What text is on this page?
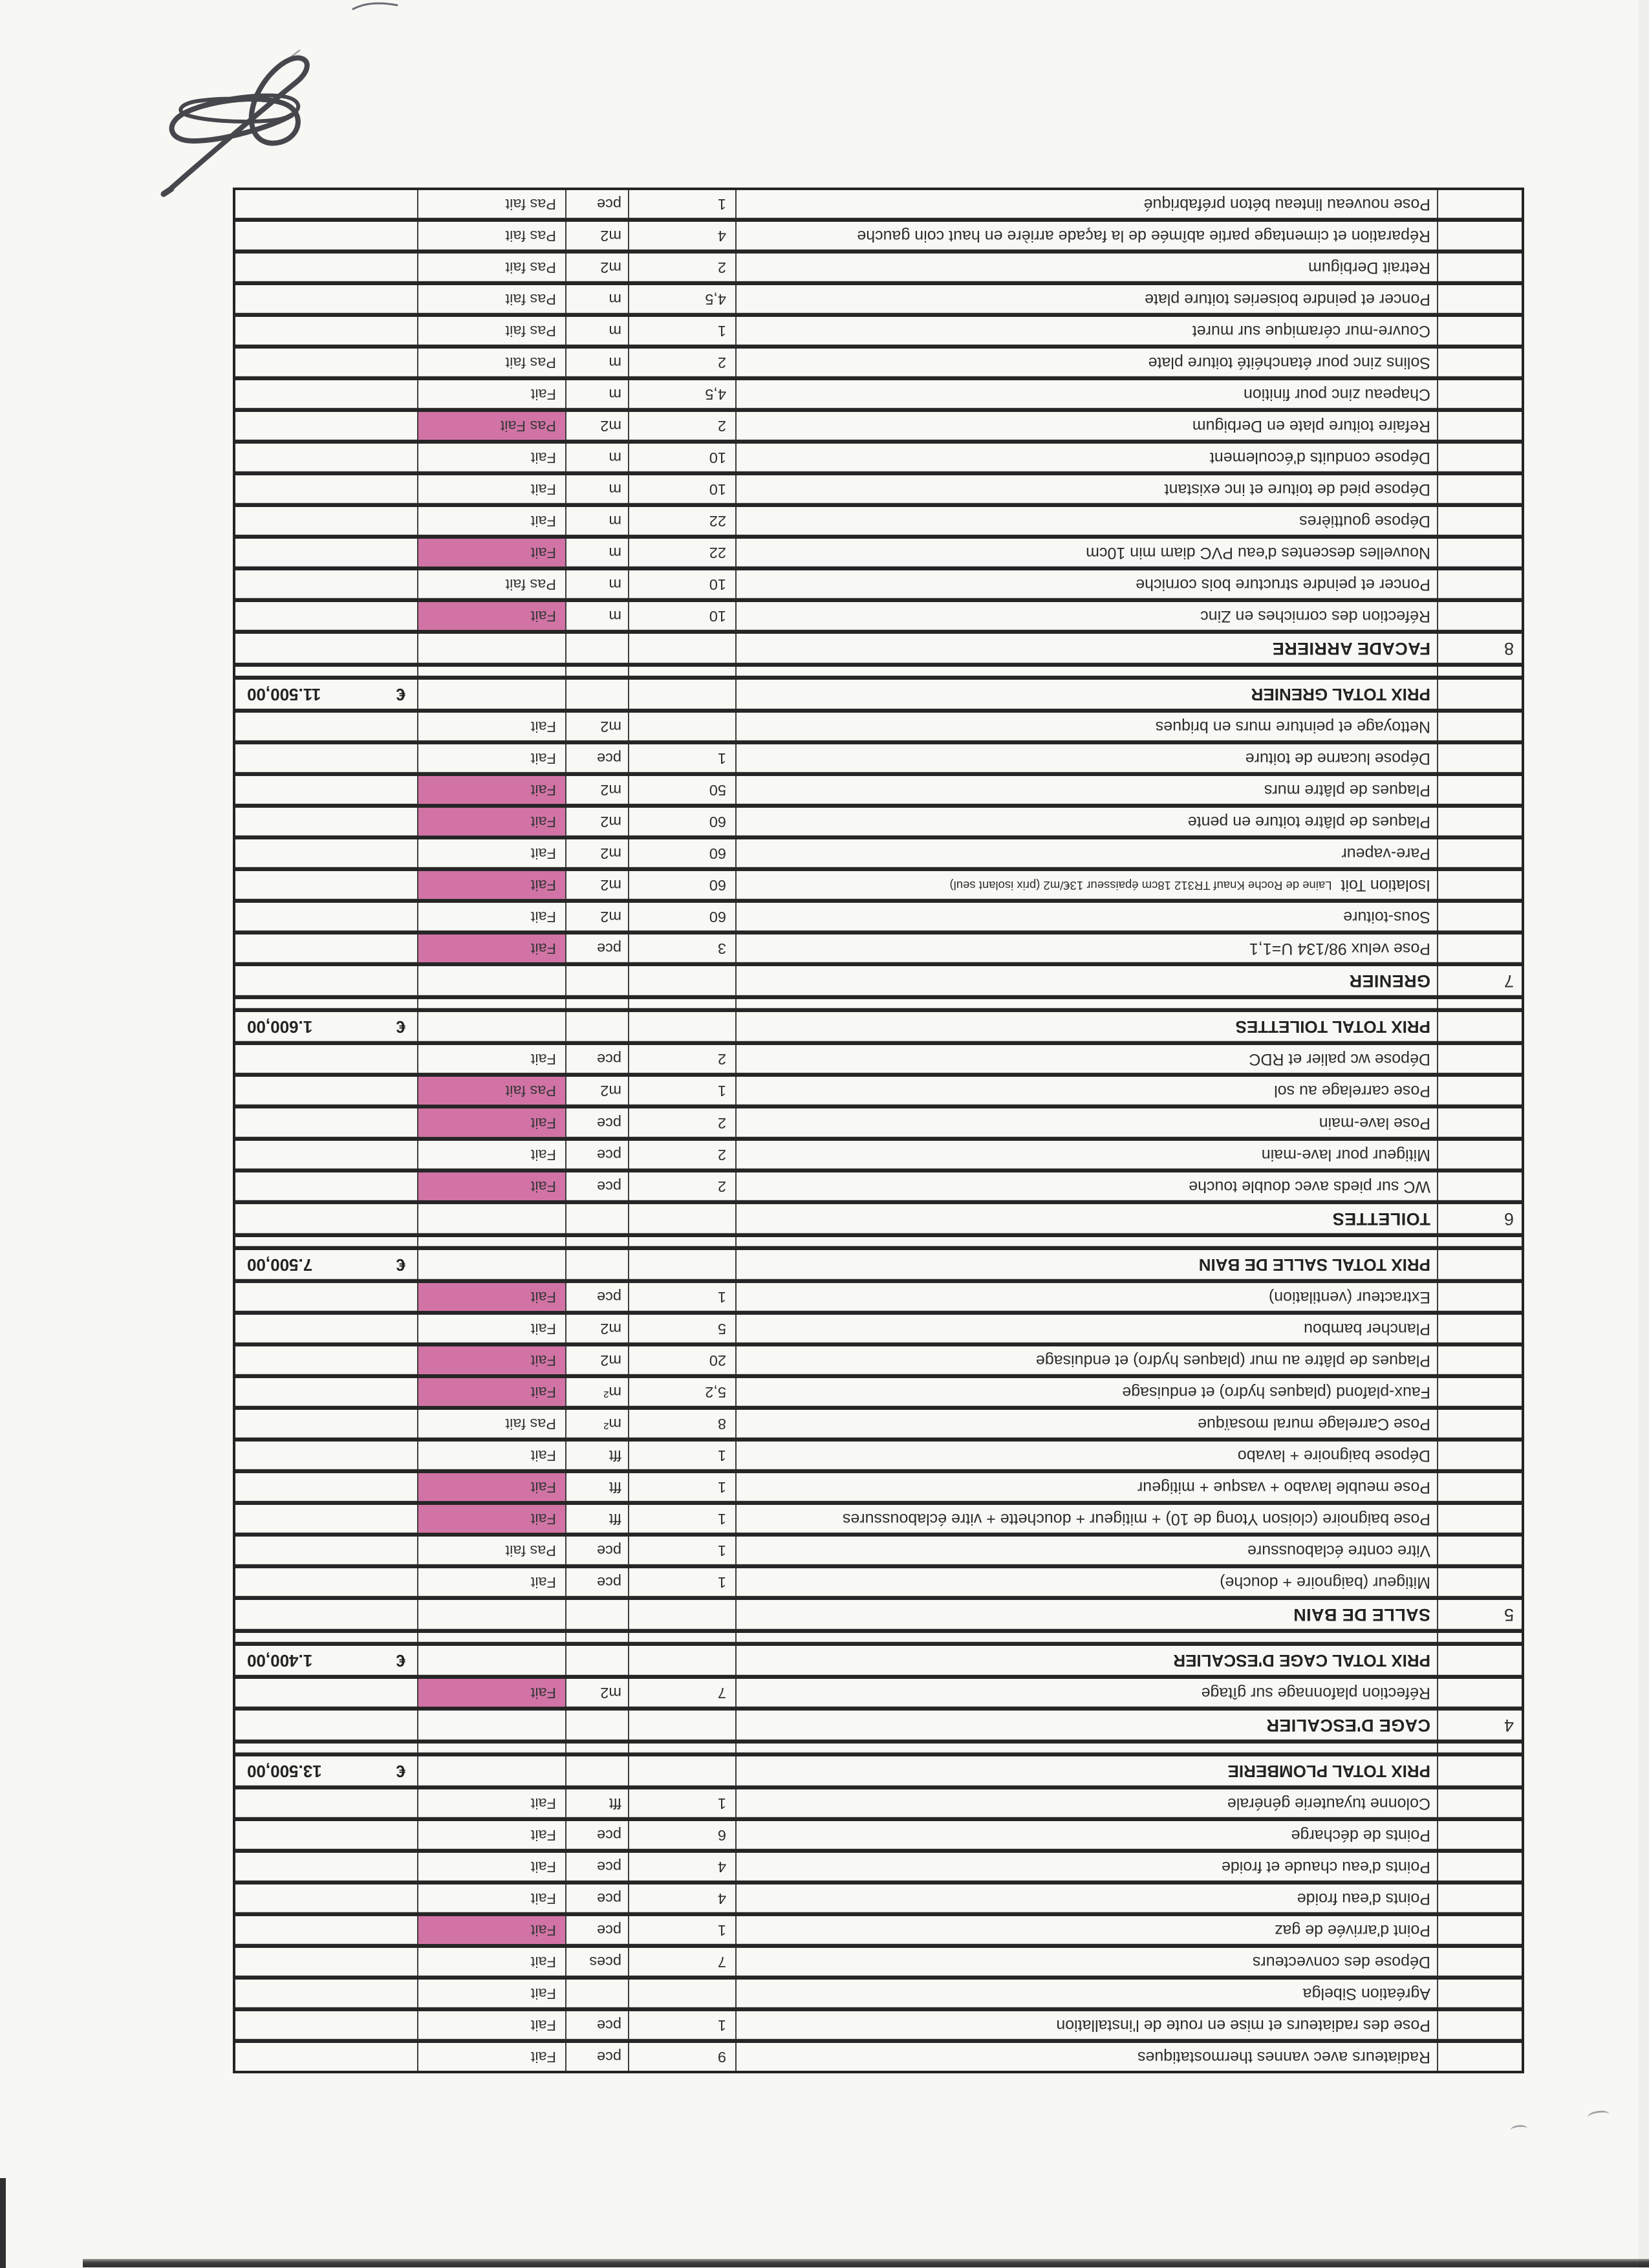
Radiateurs avec vannes thermostatiques
9
pce
Fait
Pose des radiateurs et mise en route de l'installation
1
pce
Fait
Agréation Sibelga
Fait
Dépose des convecteurs
7
pces
Fait
Point d'arrivée de gaz
1
pce
Fait
Points d'eau froide
4
pce
Fait
Points d'eau chaude et froide
4
pce
Fait
Points de décharge
6
pce
Fait
Colonne tuyauterie générale
1
fft
Fait
PRIX TOTAL PLOMBERIE
€
13.500,00
4
CAGE D'ESCALIER
Réfection plafonnage sur gîtage
7
m2
Fait
PRIX TOTAL CAGE D'ESCALIER
€
1.400,00
5
SALLE DE BAIN
Mitigeur (baignoire + douche)
1
pce
Fait
Vitre contre éclaboussure
1
pce
Pas fait
Pose baignoire (cloison Ytong de 10) + mitigeur + douchette + vitre éclaboussures
1
fft
Fait
Pose meuble lavabo + vasque + mitigeur
1
fft
Fait
Dépose baignoire + lavabo
1
fft
Fait
Pose Carrelage mural mosaïque
8
m²
Pas fait
Faux-plafond (plaques hydro) et enduisage
5,2
m²
Fait
Plaques de plâtre au mur (plaques hydro) et enduisage
20
m2
Fait
Plancher bambou
5
m2
Fait
Extracteur (ventilation)
1
pce
Fait
PRIX TOTAL SALLE DE BAIN
€
7.500,00
6
TOILETTES
WC sur pieds avec double touche
2
pce
Fait
Mitigeur pour lave-main
2
pce
Fait
Pose lave-main
2
pce
Fait
Pose carrelage au sol
1
m2
Pas fait
Dépose wc palier et RDC
2
pce
Fait
PRIX TOTAL TOILETTES
€
1.600,00
7
GRENIER
Pose velux 98/134 U=1,1
3
pce
Fait
Sous-toiture
60
m2
Fait
Isolation Toit
Laine de Roche Knauf TR312 18cm épaisseur 13€/m2 (prix isolant seul)
60
m2
Fait
Pare-vapeur
60
m2
Fait
Plaques de plâtre toiture en pente
60
m2
Fait
Plaques de plâtre murs
50
m2
Fait
Dépose lucarne de toiture
1
pce
Fait
Nettoyage et peinture murs en briques
m2
Fait
PRIX TOTAL GRENIER
€
11.500,00
8
FACADE ARRIERE
Réfection des corniches en Zinc
10
m
Fait
Poncer et peindre structure bois corniche
10
m
Pas fait
Nouvelles descentes d'eau PVC diam min 10cm
22
m
Fait
Dépose gouttières
22
m
Fait
Dépose pied de toiture et inc existant
10
m
Fait
Dépose conduits d'écoulement
10
m
Fait
Refaire toiture plate en Derbigum
2
m2
Pas Fait
Chapeau zinc pour finition
4,5
m
Fait
Solins zinc pour étanchéité toiture plate
2
m
Pas fait
Couvre-mur céramique sur muret
1
m
Pas fait
Poncer et peindre boiseries toiture plate
4,5
m
Pas fait
Retrait Derbigum
2
m2
Pas fait
Réparation et cimentage partie abîmée de la façade arrière en haut coin gauche
4
m2
Pas fait
Pose nouveau linteau béton préfabriqué
1
pce
Pas fait
